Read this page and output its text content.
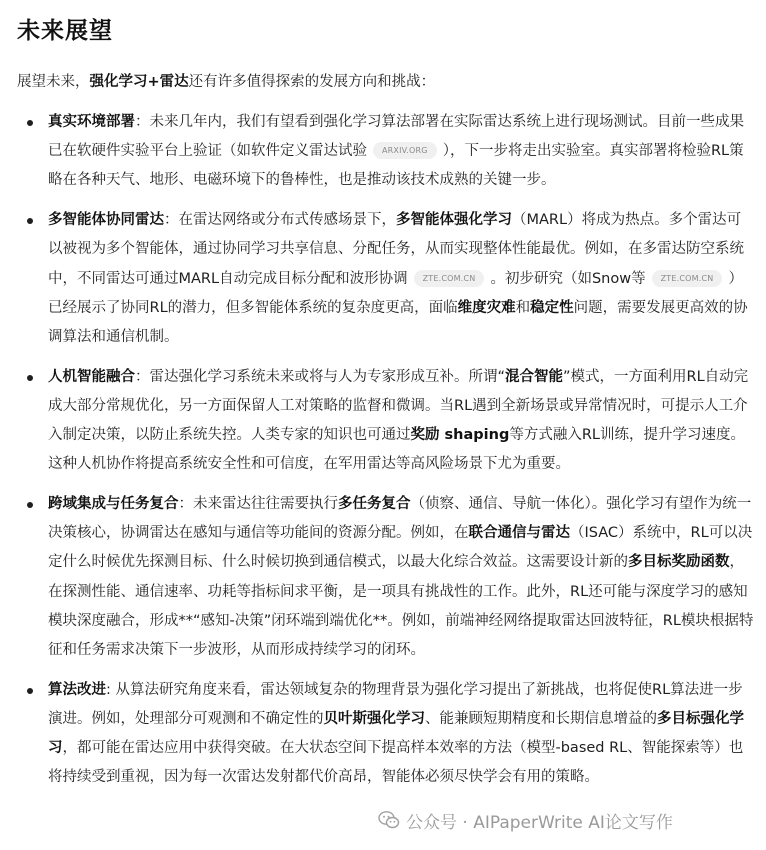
未来展望

展望未来，强化学习+雷达还有许多值得探索的发展方向和挑战：

真实环境部署：未来几年内，我们有望看到强化学习算法部署在实际雷达系统上进行现场测试。目前一些成果已在软硬件实验平台上验证（如软件定义雷达试验 ARXIV.ORG ），下一步将走出实验室。真实部署将检验RL策略在各种天气、地形、电磁环境下的鲁棒性，也是推动该技术成熟的关键一步。
多智能体协同雷达：在雷达网络或分布式传感场景下，多智能体强化学习（MARL）将成为热点。多个雷达可以被视为多个智能体，通过协同学习共享信息、分配任务，从而实现整体性能最优。例如，在多雷达防空系统中，不同雷达可通过MARL自动完成目标分配和波形协调 ZTE.COM.CN 。初步研究（如Snow等 ZTE.COM.CN ）已经展示了协同RL的潜力，但多智能体系统的复杂度更高，面临维度灾难和稳定性问题，需要发展更高效的协调算法和通信机制。
人机智能融合：雷达强化学习系统未来或将与人为专家形成互补。所谓“混合智能”模式，一方面利用RL自动完成大部分常规优化，另一方面保留人工对策略的监督和微调。当RL遇到全新场景或异常情况时，可提示人工介入制定决策，以防止系统失控。人类专家的知识也可通过奖励 shaping等方式融入RL训练，提升学习速度。这种人机协作将提高系统安全性和可信度，在军用雷达等高风险场景下尤为重要。
跨域集成与任务复合：未来雷达往往需要执行多任务复合（侦察、通信、导航一体化）。强化学习有望作为统一决策核心，协调雷达在感知与通信等功能间的资源分配。例如，在联合通信与雷达（ISAC）系统中，RL可以决定什么时候优先探测目标、什么时候切换到通信模式，以最大化综合效益。这需要设计新的多目标奖励函数，在探测性能、通信速率、功耗等指标间求平衡，是一项具有挑战性的工作。此外，RL还可能与深度学习的感知模块深度融合，形成**“感知-决策”闭环端到端优化**。例如，前端神经网络提取雷达回波特征，RL模块根据特征和任务需求决策下一步波形，从而形成持续学习的闭环。
算法改进: 从算法研究角度来看，雷达领域复杂的物理背景为强化学习提出了新挑战，也将促使RL算法进一步演进。例如，处理部分可观测和不确定性的贝叶斯强化学习、能兼顾短期精度和长期信息增益的多目标强化学习，都可能在雷达应用中获得突破。在大状态空间下提高样本效率的方法（模型-based RL、智能探索等）也将持续受到重视，因为每一次雷达发射都代价高昂，智能体必须尽快学会有用的策略。
公众号 · AIPaperWrite AI论文写作
